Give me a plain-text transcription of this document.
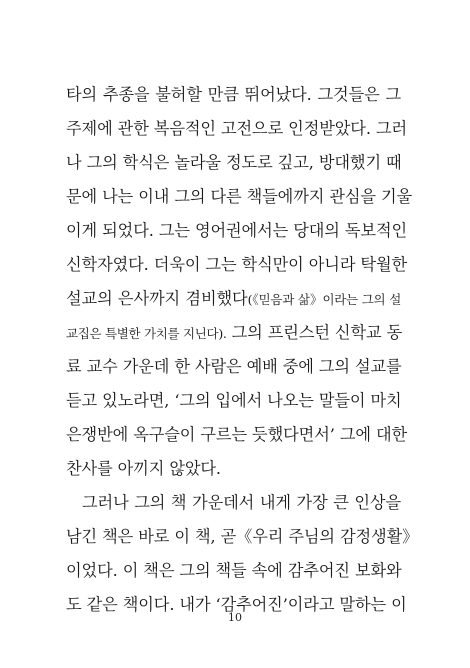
타의 추종을 불허할 만큼 뛰어났다. 그것들은 그
주제에 관한 복음적인 고전으로 인정받았다. 그러
나 그의 학식은 놀라울 정도로 깊고, 방대했기 때
문에 나는 이내 그의 다른 책들에까지 관심을 기울
이게 되었다. 그는 영어권에서는 당대의 독보적인
신학자였다. 더욱이 그는 학식만이 아니라 탁월한
설교의 은사까지 겸비했다(《믿음과 삶》이라는 그의 설
교집은 특별한 가치를 지닌다). 그의 프린스턴 신학교 동
료 교수 가운데 한 사람은 예배 중에 그의 설교를
듣고 있노라면, ‘그의 입에서 나오는 말들이 마치
은쟁반에 옥구슬이 구르는 듯했다면서’ 그에 대한
찬사를 아끼지 않았다.
그러나 그의 책 가운데서 내게 가장 큰 인상을
남긴 책은 바로 이 책, 곧《우리 주님의 감정생활》
이었다. 이 책은 그의 책들 속에 감추어진 보화와
도 같은 책이다. 내가 ‘감추어진’이라고 말하는 이
10
